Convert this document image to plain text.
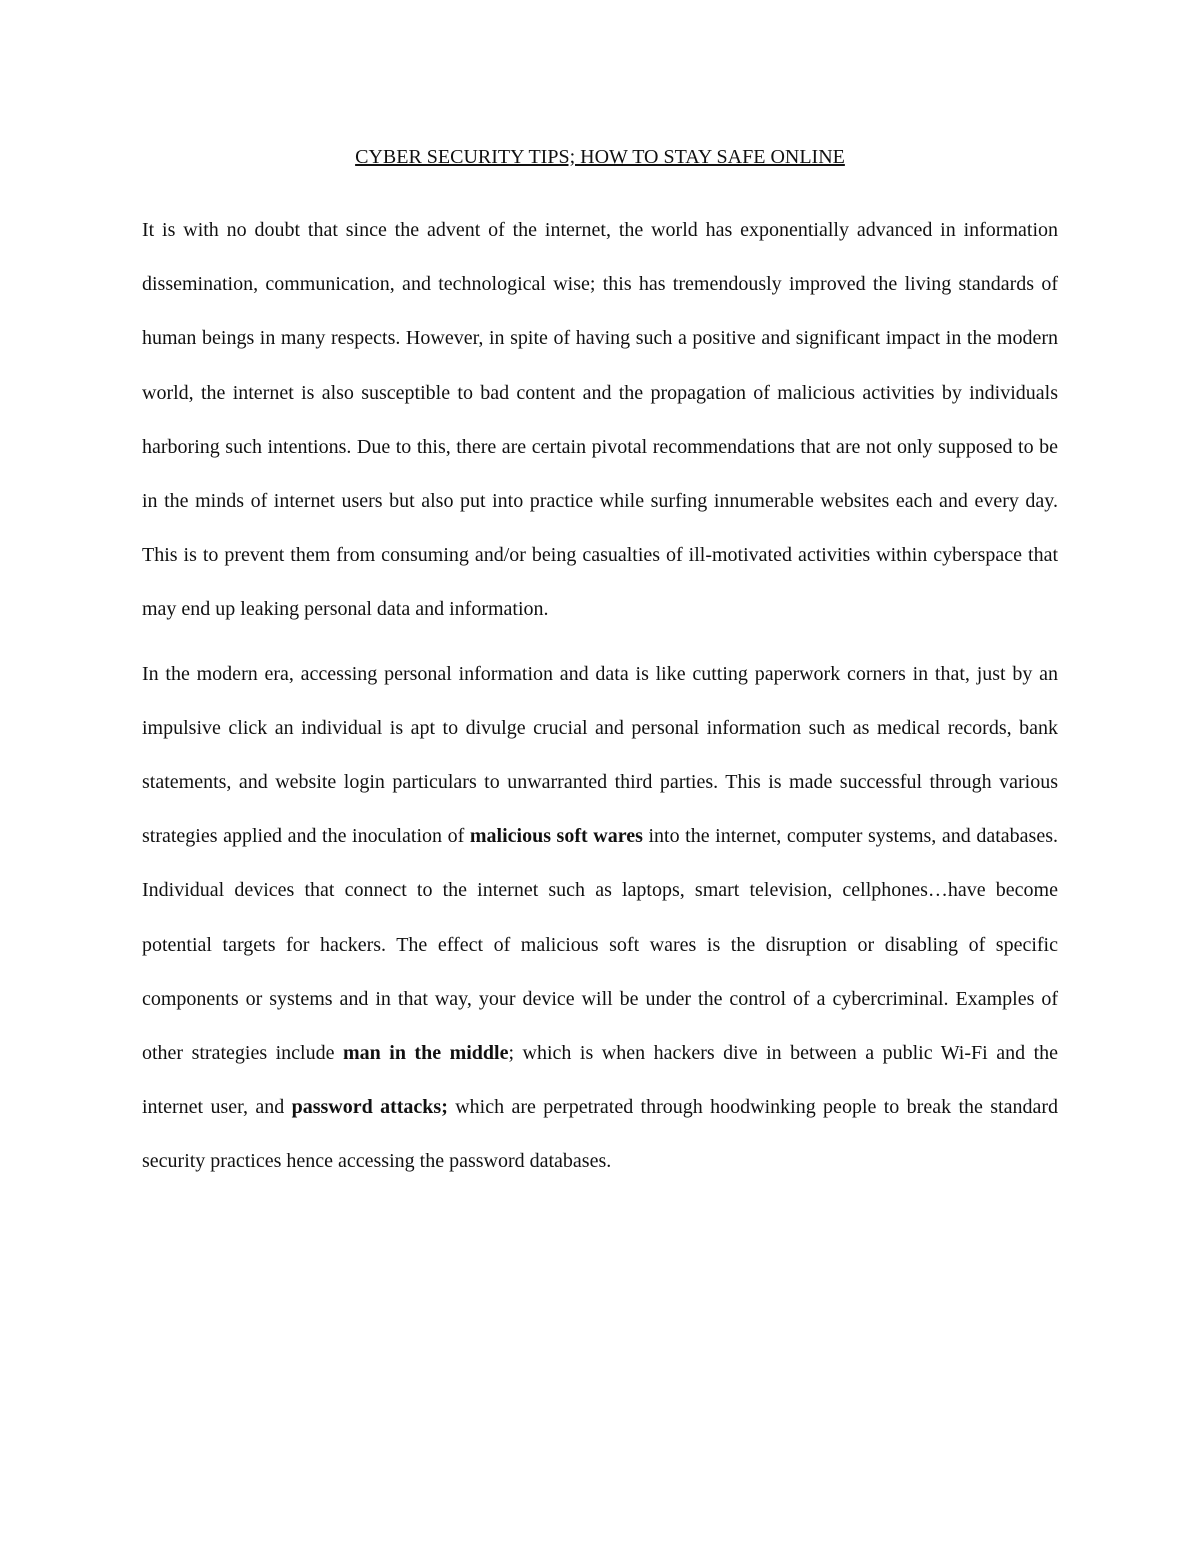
CYBER SECURITY TIPS; HOW TO STAY SAFE ONLINE

It is with no doubt that since the advent of the internet, the world has exponentially advanced in information dissemination, communication, and technological wise; this has tremendously improved the living standards of human beings in many respects. However, in spite of having such a positive and significant impact in the modern world, the internet is also susceptible to bad content and the propagation of malicious activities by individuals harboring such intentions. Due to this, there are certain pivotal recommendations that are not only supposed to be in the minds of internet users but also put into practice while surfing innumerable websites each and every day. This is to prevent them from consuming and/or being casualties of ill-motivated activities within cyberspace that may end up leaking personal data and information.

In the modern era, accessing personal information and data is like cutting paperwork corners in that, just by an impulsive click an individual is apt to divulge crucial and personal information such as medical records, bank statements, and website login particulars to unwarranted third parties. This is made successful through various strategies applied and the inoculation of malicious soft wares into the internet, computer systems, and databases. Individual devices that connect to the internet such as laptops, smart television, cellphones…have become potential targets for hackers. The effect of malicious soft wares is the disruption or disabling of specific components or systems and in that way, your device will be under the control of a cybercriminal. Examples of other strategies include man in the middle; which is when hackers dive in between a public Wi-Fi and the internet user, and password attacks; which are perpetrated through hoodwinking people to break the standard security practices hence accessing the password databases.
